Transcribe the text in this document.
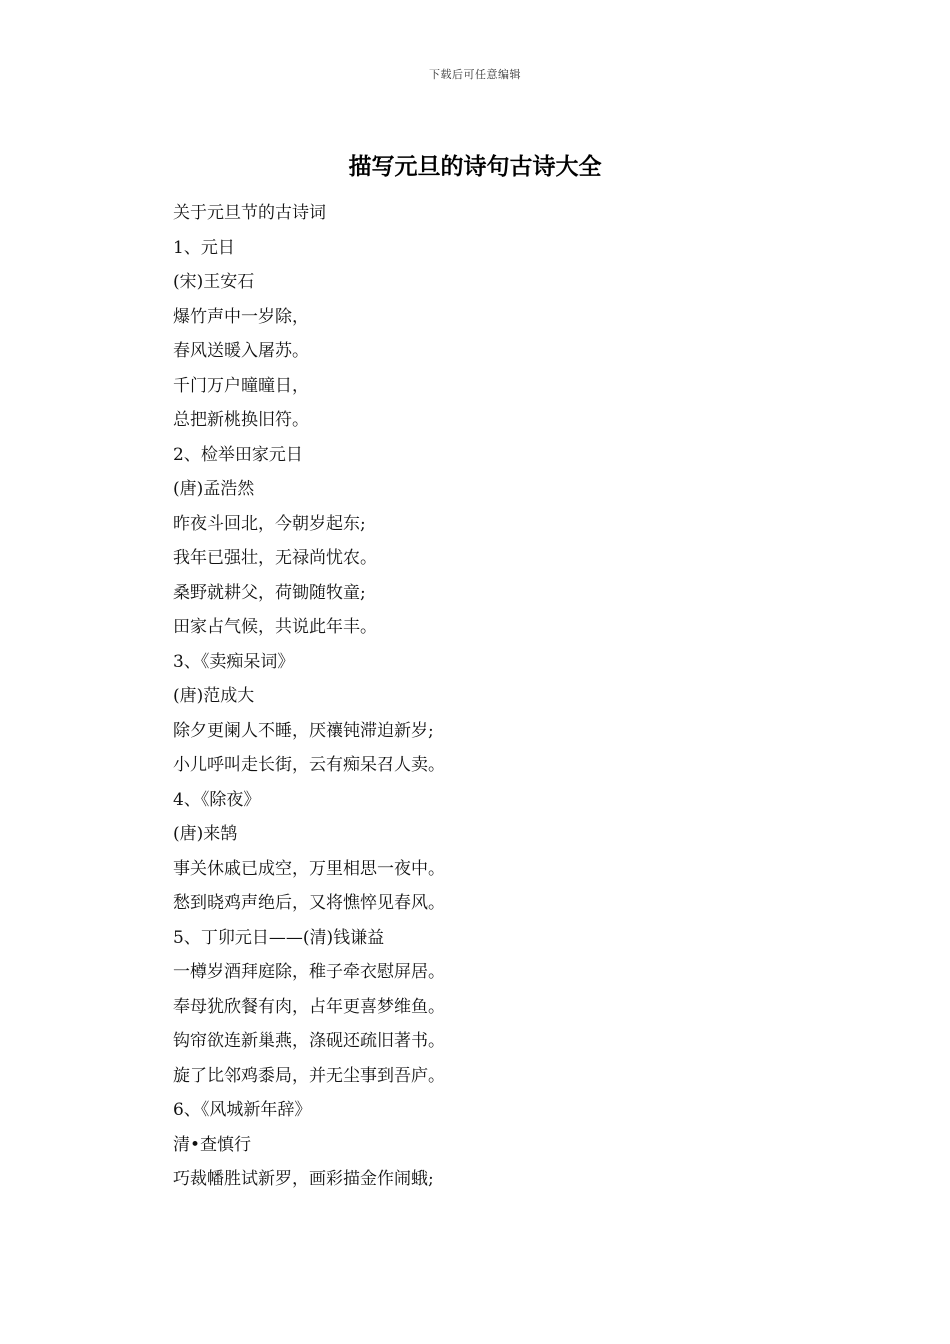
下载后可任意编辑
描写元旦的诗句古诗大全
关于元旦节的古诗词
1、元日
(宋)王安石
爆竹声中一岁除，
春风送暖入屠苏。
千门万户曈曈日，
总把新桃换旧符。
2、检举田家元日
(唐)孟浩然
昨夜斗回北，今朝岁起东;
我年已强壮，无禄尚忧农。
桑野就耕父，荷锄随牧童;
田家占气候，共说此年丰。
3、《卖痴呆词》
(唐)范成大
除夕更阑人不睡，厌禳钝滞迫新岁;
小儿呼叫走长街，云有痴呆召人卖。
4、《除夜》
(唐)来鹄
事关休戚已成空，万里相思一夜中。
愁到晓鸡声绝后，又将憔悴见春风。
5、丁卯元日——(清)钱谦益
一樽岁酒拜庭除，稚子牵衣慰屏居。
奉母犹欣餐有肉，占年更喜梦维鱼。
钩帘欲连新巢燕，涤砚还疏旧著书。
旋了比邻鸡黍局，并无尘事到吾庐。
6、《风城新年辞》
清•查慎行
巧裁幡胜试新罗，画彩描金作闹蛾;
